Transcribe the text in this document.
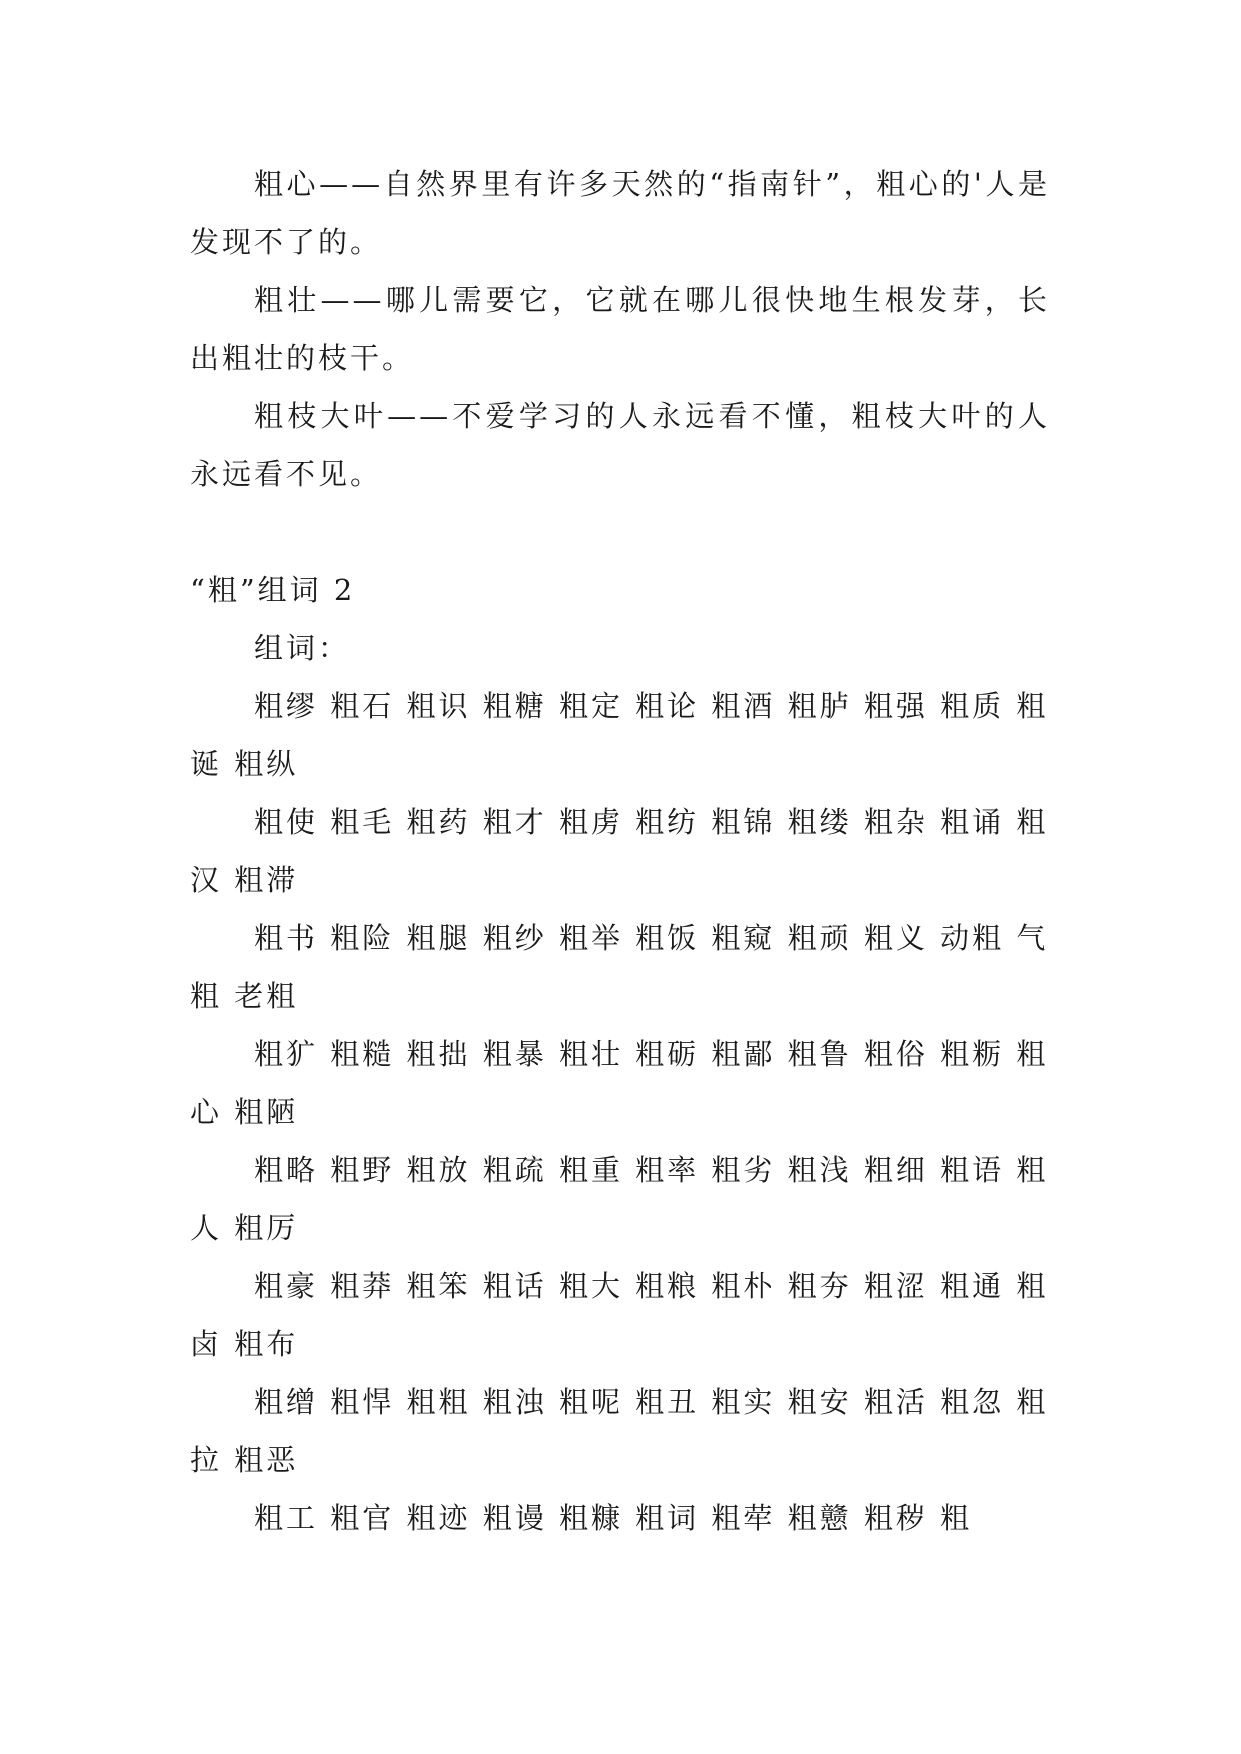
粗心——自然界里有许多天然的“指南针”，粗心的'人是发现不了的。

粗壮——哪儿需要它，它就在哪儿很快地生根发芽，长出粗壮的枝干。

粗枝大叶——不爱学习的人永远看不懂，粗枝大叶的人永远看不见。

“粗”组词 2

组词：

粗缪 粗石 粗识 粗糖 粗定 粗论 粗酒 粗胪 粗强 粗质 粗诞 粗纵

粗使 粗毛 粗药 粗才 粗虏 粗纺 粗锦 粗缕 粗杂 粗诵 粗汉 粗滞

粗书 粗险 粗腿 粗纱 粗举 粗饭 粗窥 粗顽 粗义 动粗 气粗 老粗

粗犷 粗糙 粗拙 粗暴 粗壮 粗砺 粗鄙 粗鲁 粗俗 粗粝 粗心 粗陋

粗略 粗野 粗放 粗疏 粗重 粗率 粗劣 粗浅 粗细 粗语 粗人 粗厉

粗豪 粗莽 粗笨 粗话 粗大 粗粮 粗朴 粗夯 粗涩 粗通 粗卤 粗布

粗缯 粗悍 粗粗 粗浊 粗呢 粗丑 粗实 粗安 粗活 粗忽 粗拉 粗恶

粗工 粗官 粗迹 粗谩 粗糠 粗词 粗荦 粗戆 粗秽 粗
